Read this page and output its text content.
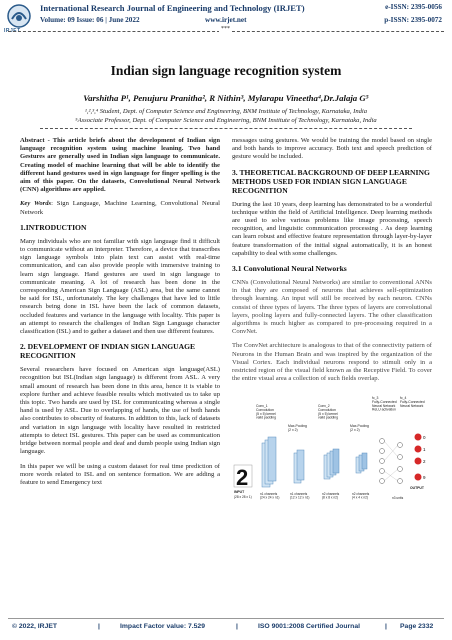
IRJET
International Research Journal of Engineering and Technology (IRJET)	e-ISSN: 2395-0056
Volume: 09 Issue: 06 | June 2022	www.irjet.net	p-ISSN: 2395-0072
***
Indian sign language recognition system
Varshitha P¹, Penujuru Pranitha², R Nithin³, Mylarapu Vineetha⁴,Dr.Jalaja G⁵
¹,²,³,⁴ Student, Dept. of Computer Science and Engineering, BNM Institute of Technology, Karnataka, India
⁵Associate Professor, Dept. of Computer Science and Engineering, BNM Institute of Technology, Karnataka, India

Abstract - This article briefs about the development of Indian sign language recognition system using machine leaning. Two hand Gestures are generally used in Indian sign language to communicate. Creating model of machine learning that will be able to identify the different hand gestures used in sign language for finger spelling is the aim of this paper. On the datasets, Convolutional Neural Network (CNN) algorithms are applied.

Key Words: Sign Language, Machine Learning, Convolutional Neural Network

1.INTRODUCTION

Many individuals who are not familiar with sign language find it difficult to communicate without an interpreter. Therefore, a device that transcribes sign language symbols into plain text can assist with real-time communication, and can also provide people with immersive training to learn sign language. Hand gestures are used in sign language to communicate meaning. A lot of research has been done in the corresponding American Sign Language (ASL) area, but the same cannot be said for ISL, unfortunately. The key challenges that have led to little research being done in ISL have been the lack of common datasets, occluded features and variance in the language with locality. This paper is an attempt to research the challenges of Indian Sign Language character classification (ISL) and to gather a dataset and then use different features.

2. DEVELOPMENT OF INDIAN SIGN LANGUAGE RECOGNITION

Several researchers have focused on American sign language(ASL) recognition but ISL(Indian sign language) is different from ASL. A very small amount of research has been done in this area, hence it is viable to explore further and achieve feasible results which motivated us to take up this topic. Two hands are used by ISL for communicating whereas a single hand is used by ASL. Due to overlapping of hands, the use of both hands also contributes to obscurity of features. In addition to this, lack of datasets and variation in sign language with locality have resulted in restricted attempts to detect ISL gestures. This paper can be used as communication bridge between normal people and deaf and dumb people using Indian sign language.

In this paper we will be using a custom dataset for real time prediction of more words related to ISL and on sentence formation. We are adding a feature to send Emergency text

messages using gestures. We would be training the model based on single and both hands to improve accuracy. Both text and speech prediction of gesture would be included.

3. THEORETICAL BACKGROUND OF DEEP LEARNING METHODS USED FOR INDIAN SIGN LANGUAGE RECOGNITION

During the last 10 years, deep learning has demonstrated to be a wonderful technique within the field of Artificial Intelligence. Deep learning methods are used to solve various problems like image processing, speech recognition, and linguistic communication processing . As deep learning can learn robust and effective feature representation through layer-by-layer feature transformation of the initial signal automatically, it is an honest capability to deal with some challenges.

3.1 Convolutional Neural Networks

CNNs (Convolutional Neural Networks) are similar to conventional ANNs in that they are composed of neurons that achieves self-optimization through learning. An input will still be received by each neuron. CNNs consist of three types of layers. The three types of layers are convolutional layers, pooling layers and fully-connected layers. The other classification algorithms is much higher as compared to pre-processing required in a ConvNet.

The ConvNet architecture is analogous to that of the connectivity pattern of Neurons in the Human Brain and was inspired by the organization of the Visual Cortex. Each individual neurons respond to stimuli only in a restricted region of the visual field known as the Receptive Field. To cover the entire visual area a collection of such fields overlap.

2
0
1
2
9
Conv_1 Convolution (5 x 5) kernel valid padding
Max-Pooling (2 x 2)
Conv_2 Convolution (5 x 5) kernel valid padding
Max-Pooling (2 x 2)
fc_3 Fully-Connected Neural Network ReLU activation
fc_4 Fully-Connected Neural Network
INPUT
(28 x 28 x 1)
n1 channels (24 x 24 x n1)
n1 channels (12 x 12 x n1)
n2 channels (8 x 8 x n2)
n2 channels (4 x 4 x n2)
OUTPUT
n3 units
© 2022, IRJET	|	Impact Factor value: 7.529	|	ISO 9001:2008 Certified Journal	| Page 2332
